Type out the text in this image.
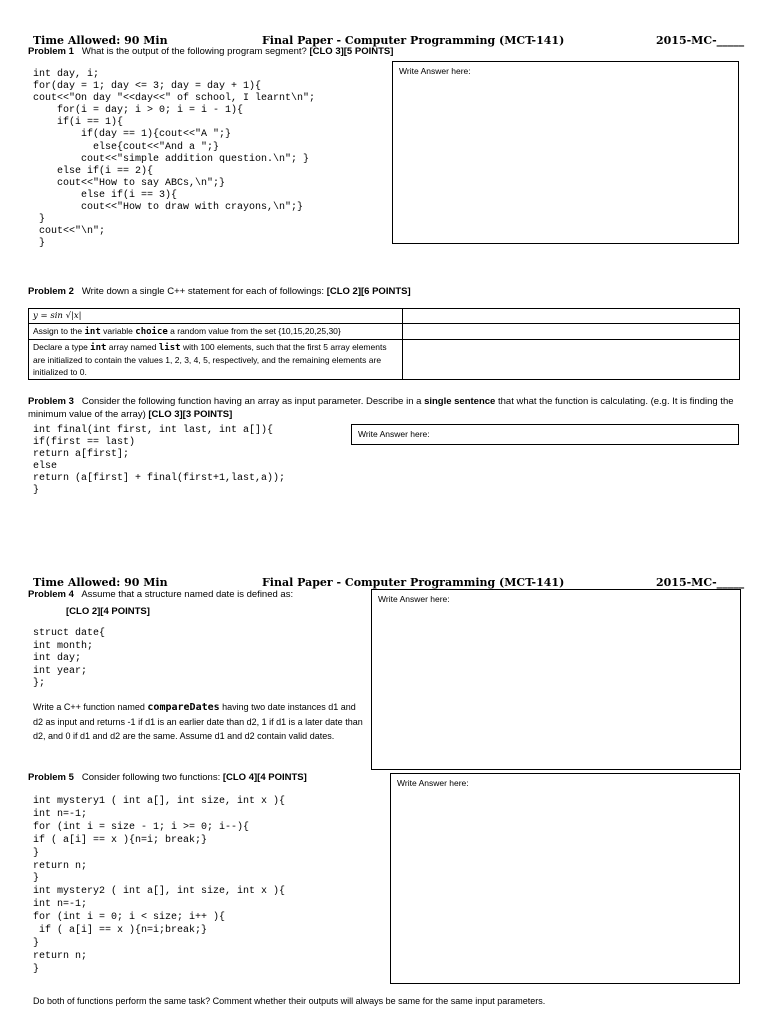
Time Allowed: 90 Min	Final Paper - Computer Programming (MCT-141)	2015-MC-_____
Problem 1 What is the output of the following program segment? [CLO 3][5 POINTS]
int day, i;
for(day = 1; day <= 3; day = day + 1){
cout<<"On day "<<day<<" of school, I learnt\n";
for(i = day; i > 0; i = i - 1){
if(i == 1){
if(day == 1){cout<<"A ";}
else{cout<<"And a ";}
cout<<"simple addition question.\n"; }
else if(i == 2){
cout<<"How to say ABCs,\n";}
else if(i == 3){
cout<<"How to draw with crayons,\n";}
}
cout<<"\n";
}
Write Answer here:
Problem 2 Write down a single C++ statement for each of followings: [CLO 2][6 POINTS]
y = sin √|x|	
Assign to the int variable choice a random value from the set {10,15,20,25,30}	
Declare a type int array named list with 100 elements, such that the first 5 array elements are initialized to contain the values 1, 2, 3, 4, 5, respectively, and the remaining elements are initialized to 0.	
Problem 3 Consider the following function having an array as input parameter. Describe in a single sentence that what the function is calculating. (e.g. It is finding the minimum value of the array) [CLO 3][3 POINTS]
int final(int first, int last, int a[]){
if(first == last)
return a[first];
else
return (a[first] + final(first+1,last,a));
}
Write Answer here:
Time Allowed: 90 Min	Final Paper - Computer Programming (MCT-141)	2015-MC-_____
Problem 4 Assume that a structure named date is defined as:
[CLO 2][4 POINTS]
struct date{
int month;
int day;
int year;
};
Write a C++ function named compareDates having two date instances d1 and d2 as input and returns -1 if d1 is an earlier date than d2, 1 if d1 is a later date than d2, and 0 if d1 and d2 are the same. Assume d1 and d2 contain valid dates.
Write Answer here:
Problem 5 Consider following two functions: [CLO 4][4 POINTS]
int mystery1 ( int a[], int size, int x ){
int n=-1;
for (int i = size - 1; i >= 0; i--){
if ( a[i] == x ){n=i; break;}
}
return n;
}
int mystery2 ( int a[], int size, int x ){
int n=-1;
for (int i = 0; i < size; i++ ){
if ( a[i] == x ){n=i;break;}
}
return n;
}
Write Answer here:
Do both of functions perform the same task? Comment whether their outputs will always be same for the same input parameters.
